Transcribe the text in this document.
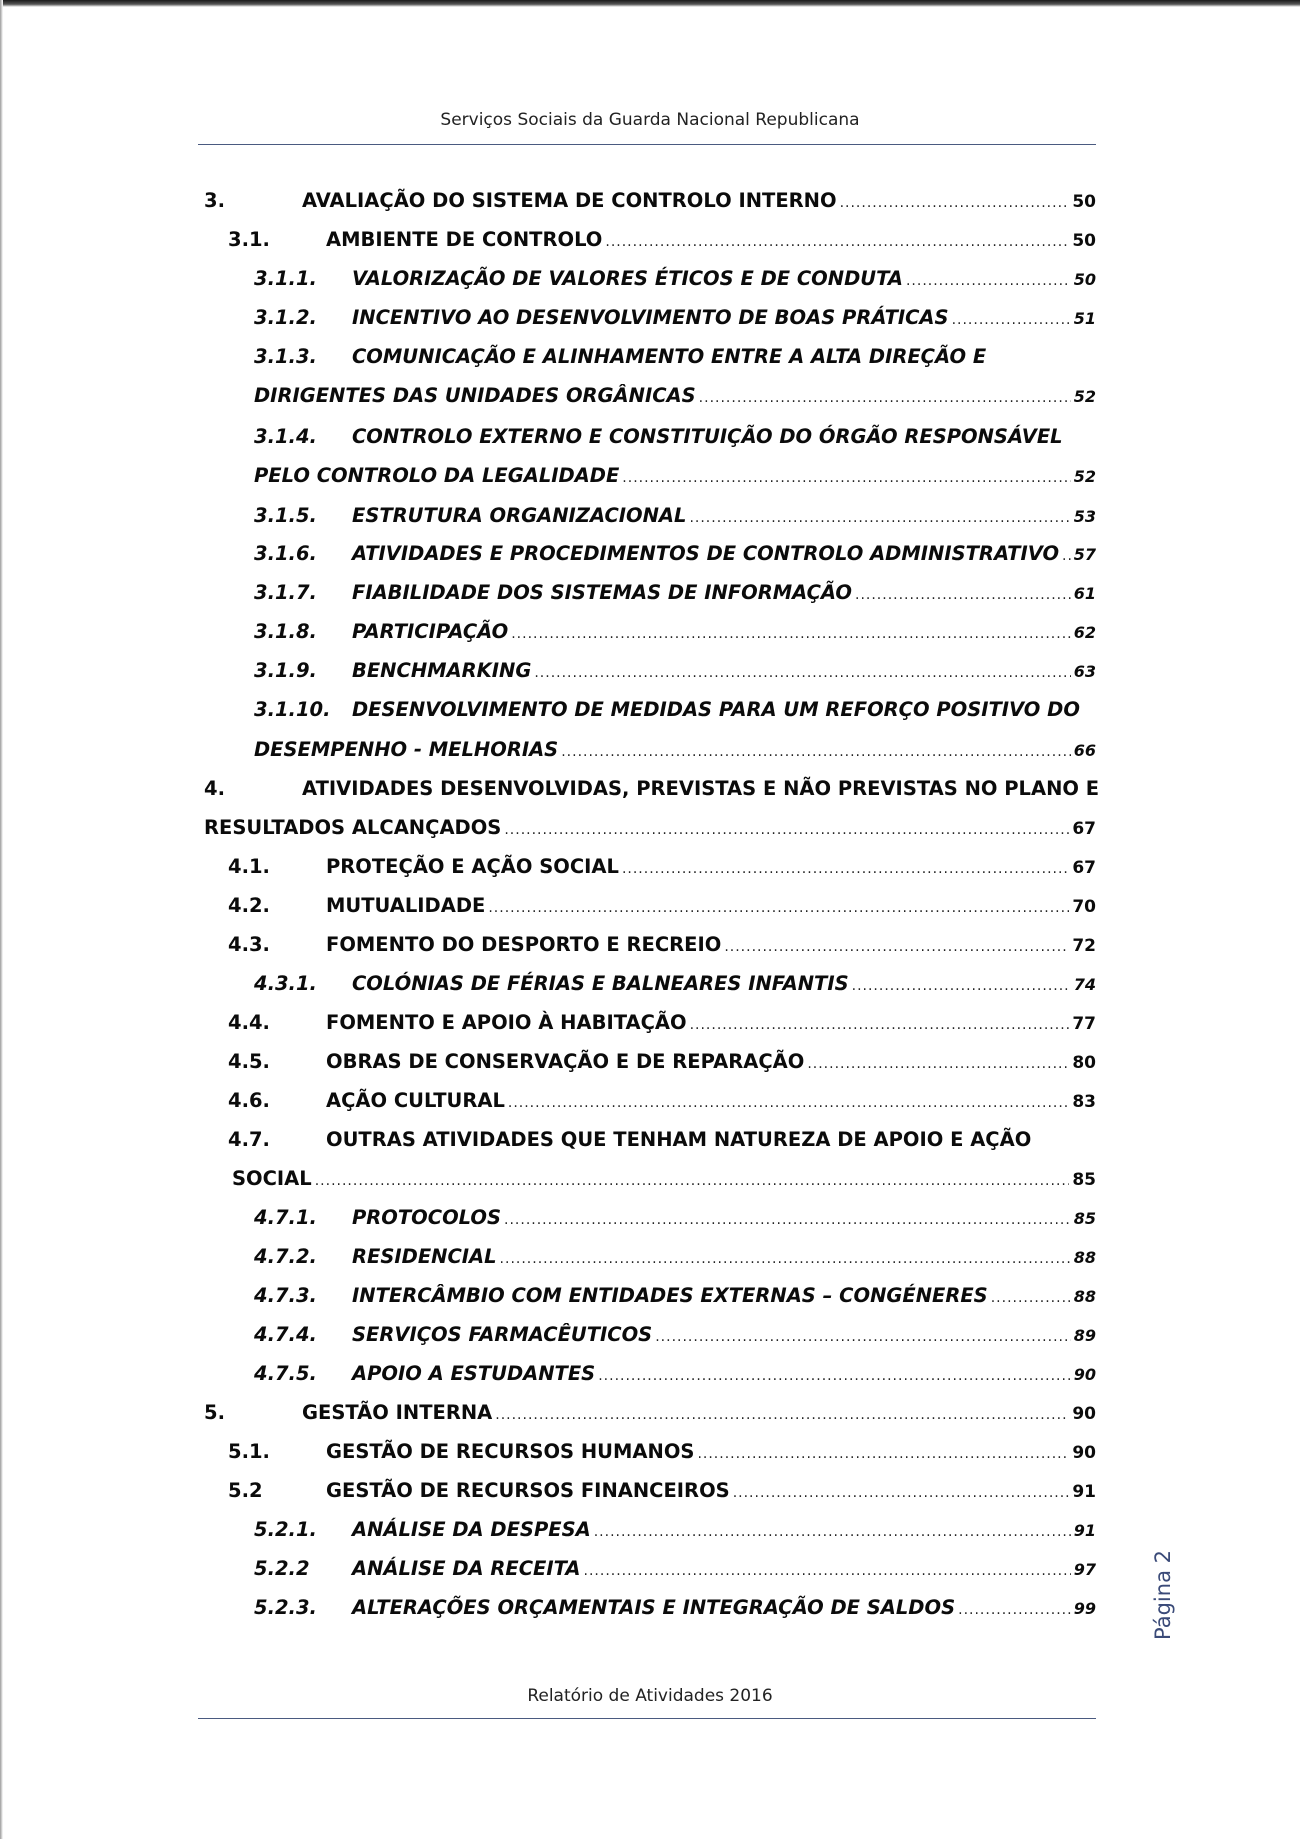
Serviços Sociais da Guarda Nacional Republicana
3.	AVALIAÇÃO DO SISTEMA DE CONTROLO INTERNO .....	50
3.1.	AMBIENTE DE CONTROLO .....	50
3.1.1.	VALORIZAÇÃO DE VALORES ÉTICOS E DE CONDUTA .....	50
3.1.2.	INCENTIVO AO DESENVOLVIMENTO DE BOAS PRÁTICAS .....	51
3.1.3.	COMUNICAÇÃO E ALINHAMENTO ENTRE A ALTA DIREÇÃO E
DIRIGENTES DAS UNIDADES ORGÂNICAS .....	52
3.1.4.	CONTROLO EXTERNO E CONSTITUIÇÃO DO ÓRGÃO RESPONSÁVEL
PELO CONTROLO DA LEGALIDADE .....	52
3.1.5.	ESTRUTURA ORGANIZACIONAL .....	53
3.1.6.	ATIVIDADES E PROCEDIMENTOS DE CONTROLO ADMINISTRATIVO ..... 57
3.1.7.	FIABILIDADE DOS SISTEMAS DE INFORMAÇÃO .....	61
3.1.8.	PARTICIPAÇÃO .....	62
3.1.9.	BENCHMARKING .....	63
3.1.10.	DESENVOLVIMENTO DE MEDIDAS PARA UM REFORÇO POSITIVO DO
DESEMPENHO - MELHORIAS .....	66
4.	ATIVIDADES DESENVOLVIDAS, PREVISTAS E NÃO PREVISTAS NO PLANO E
RESULTADOS ALCANÇADOS .....	67
4.1.	PROTEÇÃO E AÇÃO SOCIAL .....	67
4.2.	MUTUALIDADE .....	70
4.3.	FOMENTO DO DESPORTO E RECREIO .....	72
4.3.1.	COLÓNIAS DE FÉRIAS E BALNEARES INFANTIS .....	74
4.4.	FOMENTO E APOIO À HABITAÇÃO .....	77
4.5.	OBRAS DE CONSERVAÇÃO E DE REPARAÇÃO .....	80
4.6.	AÇÃO CULTURAL .....	83
4.7.	OUTRAS ATIVIDADES QUE TENHAM NATUREZA DE APOIO E AÇÃO
SOCIAL .....	85
4.7.1.	PROTOCOLOS .....	85
4.7.2.	RESIDENCIAL .....	88
4.7.3.	INTERCÂMBIO COM ENTIDADES EXTERNAS – CONGÉNERES .....	88
4.7.4.	SERVIÇOS FARMACÊUTICOS .....	89
4.7.5.	APOIO A ESTUDANTES .....	90
5.	GESTÃO INTERNA .....	90
5.1.	GESTÃO DE RECURSOS HUMANOS .....	90
5.2	GESTÃO DE RECURSOS FINANCEIROS .....	91
5.2.1.	ANÁLISE DA DESPESA .....	91
5.2.2	ANÁLISE DA RECEITA .....	97
5.2.3.	ALTERAÇÕES ORÇAMENTAIS E INTEGRAÇÃO DE SALDOS .....	99	Página 2
Relatório de Atividades 2016
